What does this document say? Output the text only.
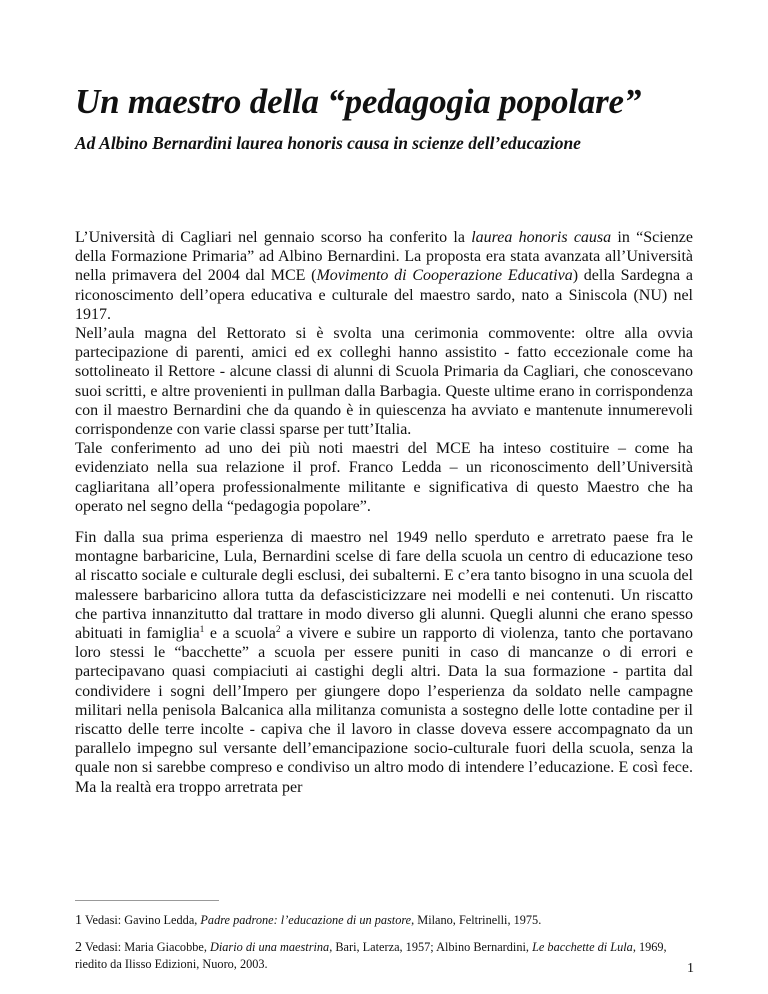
Un maestro della “pedagogia popolare”
Ad Albino Bernardini laurea honoris causa in scienze dell’educazione

L’Università di Cagliari nel gennaio scorso ha conferito la laurea honoris causa in “Scienze della Formazione Primaria” ad Albino Bernardini. La proposta era stata avanzata all’Università nella primavera del 2004 dal MCE (Movimento di Cooperazione Educativa) della Sardegna a riconoscimento dell’opera educativa e culturale del maestro sardo, nato a Siniscola (NU) nel 1917.

Nell’aula magna del Rettorato si è svolta una cerimonia commovente: oltre alla ovvia partecipazione di parenti, amici ed ex colleghi hanno assistito - fatto eccezionale come ha sottolineato il Rettore - alcune classi di alunni di Scuola Primaria da Cagliari, che conoscevano suoi scritti, e altre provenienti in pullman dalla Barbagia. Queste ultime erano in corrispondenza con il maestro Bernardini che da quando è in quiescenza ha avviato e mantenute innumerevoli corrispondenze con varie classi sparse per tutt’Italia.

Tale conferimento ad uno dei più noti maestri del MCE ha inteso costituire – come ha evidenziato nella sua relazione il prof. Franco Ledda – un riconoscimento dell’Università cagliaritana all’opera professionalmente militante e significativa di questo Maestro che ha operato nel segno della “pedagogia popolare”.

Fin dalla sua prima esperienza di maestro nel 1949 nello sperduto e arretrato paese fra le montagne barbaricine, Lula, Bernardini scelse di fare della scuola un centro di educazione teso al riscatto sociale e culturale degli esclusi, dei subalterni. E c’era tanto bisogno in una scuola del malessere barbaricino allora tutta da defascisticizzare nei modelli e nei contenuti. Un riscatto che partiva innanzitutto dal trattare in modo diverso gli alunni. Quegli alunni che erano spesso abituati in famiglia$^1$ e a scuola$^2$ a vivere e subire un rapporto di violenza, tanto che portavano loro stessi le “bacchette” a scuola per essere puniti in caso di mancanze o di errori e partecipavano quasi compiaciuti ai castighi degli altri. Data la sua formazione - partita dal condividere i sogni dell’Impero per giungere dopo l’esperienza da soldato nelle campagne militari nella penisola Balcanica alla militanza comunista a sostegno delle lotte contadine per il riscatto delle terre incolte - capiva che il lavoro in classe doveva essere accompagnato da un parallelo impegno sul versante dell’emancipazione socio-culturale fuori della scuola, senza la quale non si sarebbe compreso e condiviso un altro modo di intendere l’educazione. E così fece. Ma la realtà era troppo arretrata per

1 Vedasi: Gavino Ledda, Padre padrone: l’educazione di un pastore, Milano, Feltrinelli, 1975.
2 Vedasi: Maria Giacobbe, Diario di una maestrina, Bari, Laterza, 1957; Albino Bernardini, Le bacchette di Lula, 1969, riedito da Ilisso Edizioni, Nuoro, 2003.	1
